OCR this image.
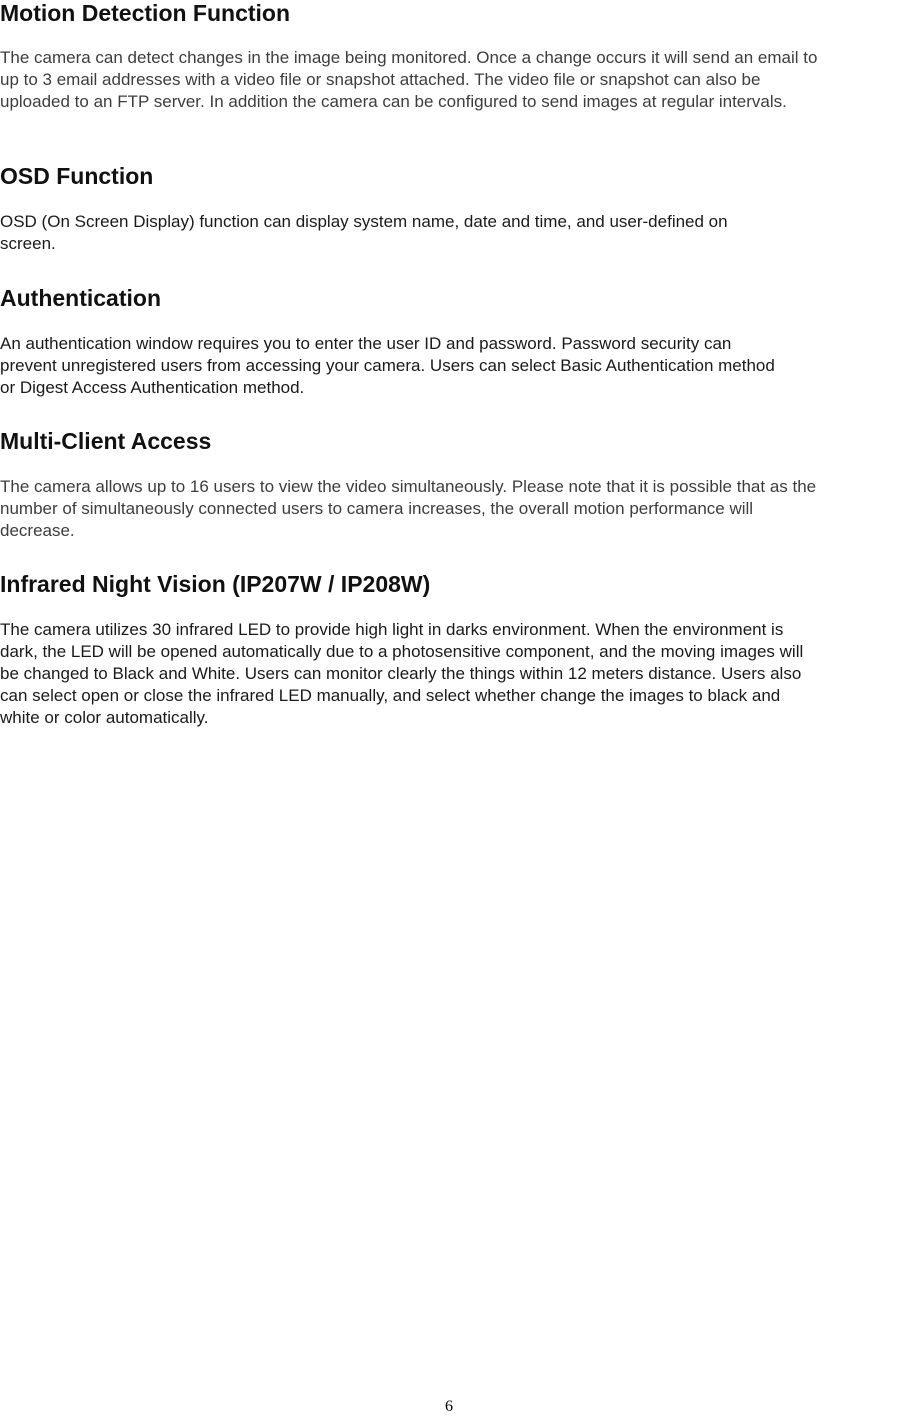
Motion Detection Function

The camera can detect changes in the image being monitored. Once a change occurs it will send an email to
up to 3 email addresses with a video file or snapshot attached. The video file or snapshot can also be
uploaded to an FTP server. In addition the camera can be configured to send images at regular intervals.

OSD Function

OSD (On Screen Display) function can display system name, date and time, and user-defined on
screen.

Authentication

An authentication window requires you to enter the user ID and password. Password security can
prevent unregistered users from accessing your camera. Users can select Basic Authentication method
or Digest Access Authentication method.

Multi-Client Access

The camera allows up to 16 users to view the video simultaneously. Please note that it is possible that as the
number of simultaneously connected users to camera increases, the overall motion performance will
decrease.

Infrared Night Vision (IP207W / IP208W)

The camera utilizes 30 infrared LED to provide high light in darks environment. When the environment is
dark, the LED will be opened automatically due to a photosensitive component, and the moving images will
be changed to Black and White. Users can monitor clearly the things within 12 meters distance. Users also
can select open or close the infrared LED manually, and select whether change the images to black and
white or color automatically.

6
